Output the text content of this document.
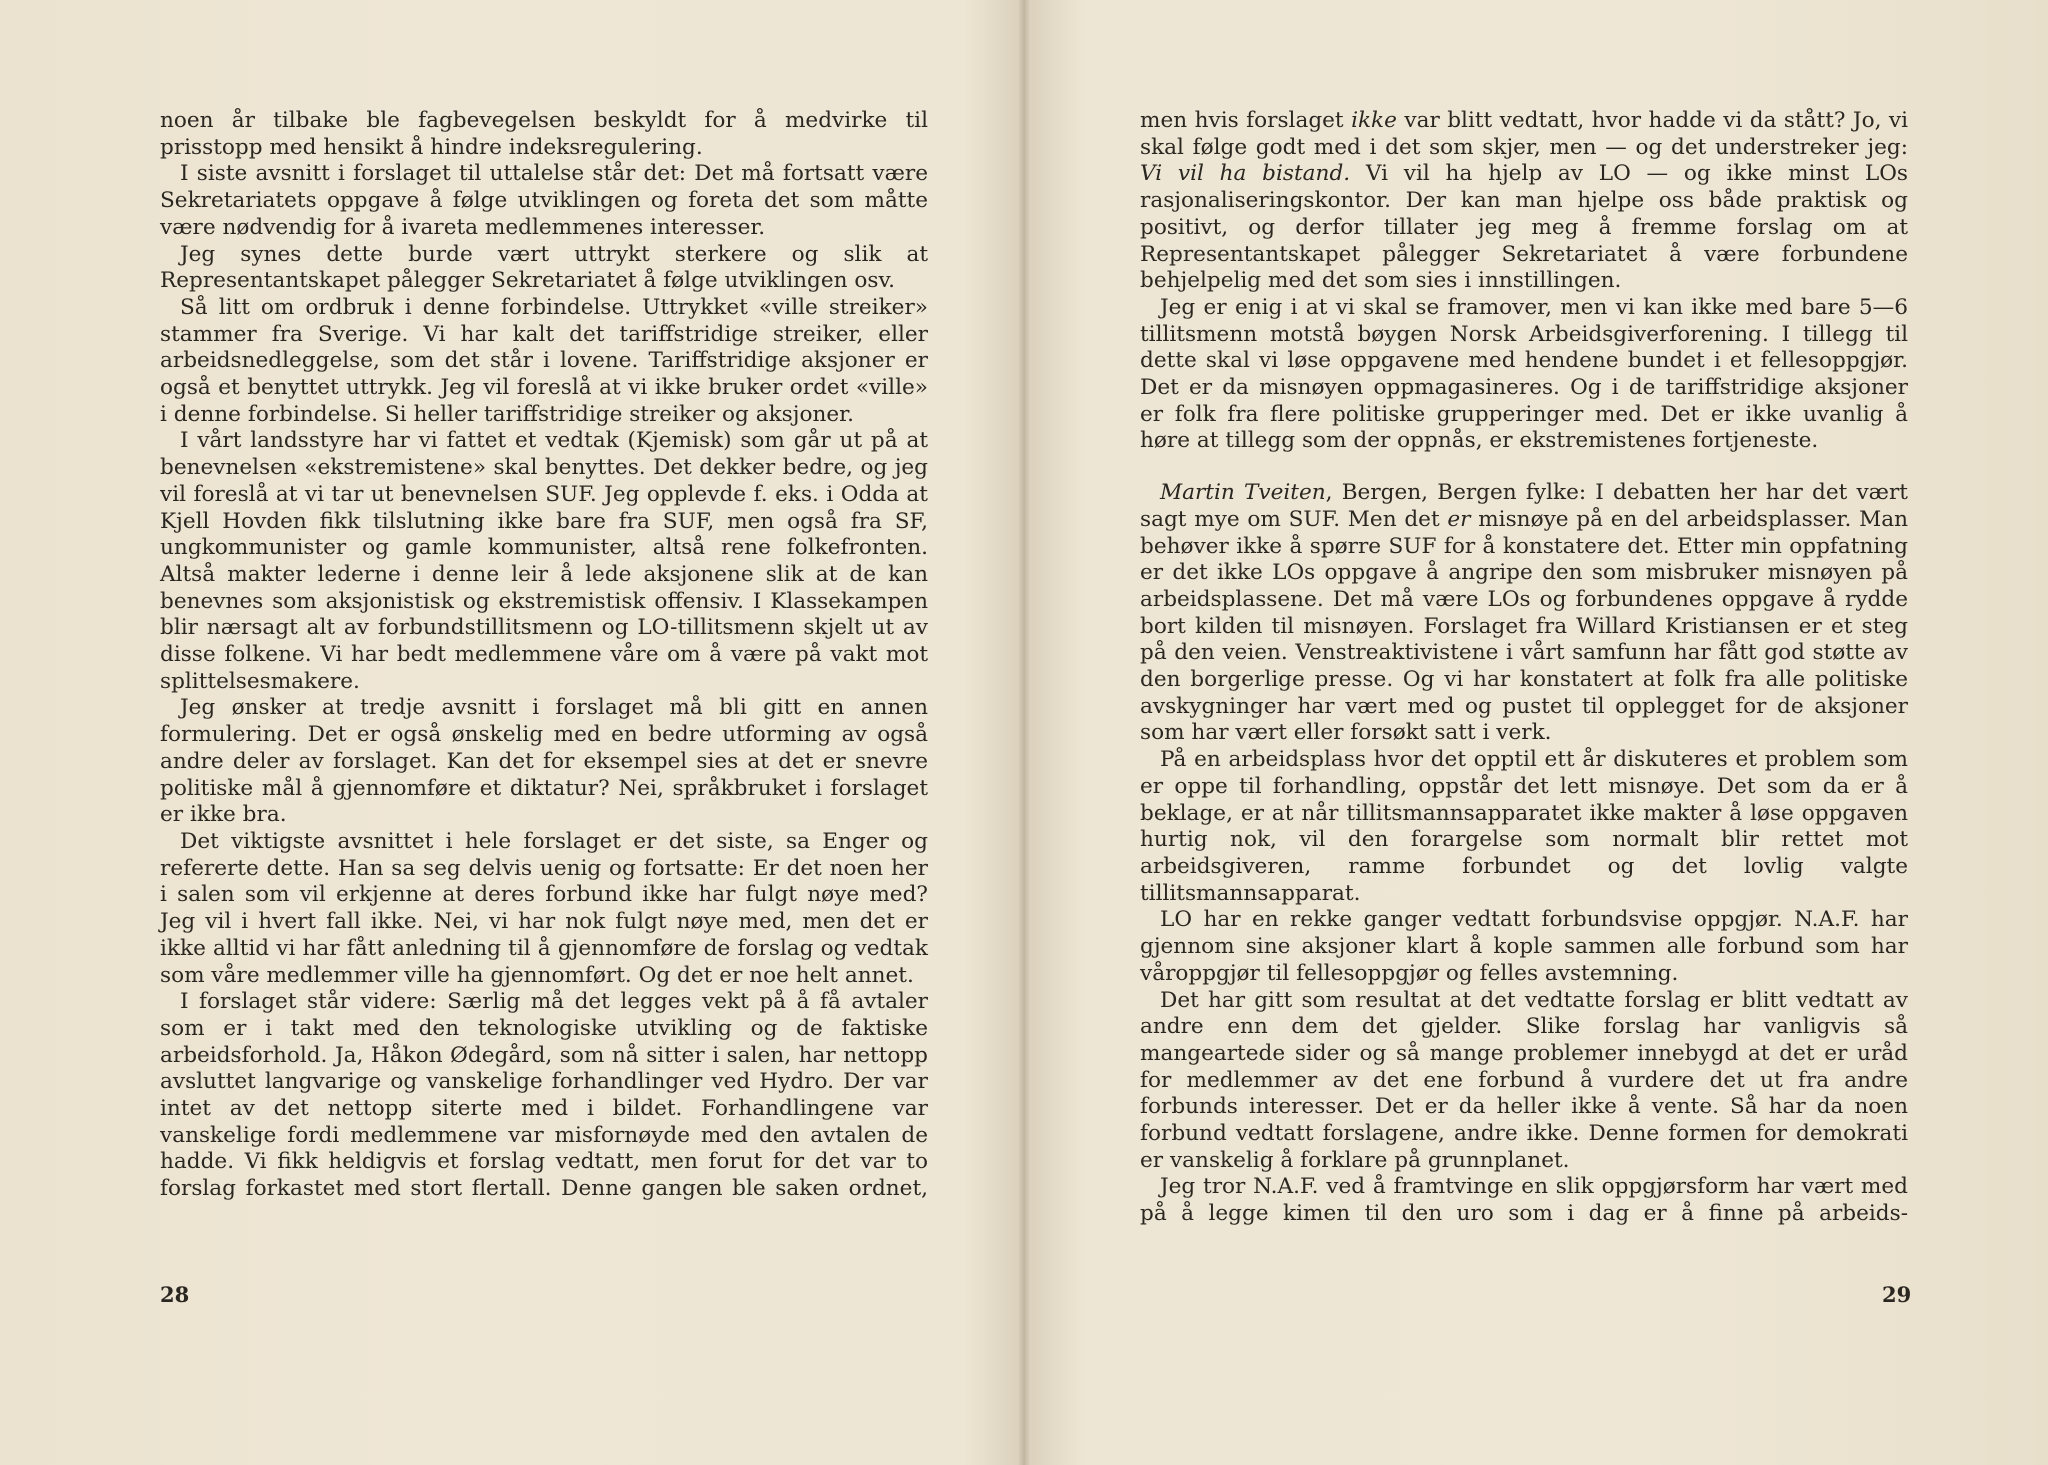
noen år tilbake ble fagbevegelsen beskyldt for å medvirke til prisstopp med hensikt å hindre indeksregulering.

I siste avsnitt i forslaget til uttalelse står det: Det må fortsatt være Sekretariatets oppgave å følge utviklingen og foreta det som måtte være nødvendig for å ivareta medlemmenes interesser.

Jeg synes dette burde vært uttrykt sterkere og slik at Representantskapet pålegger Sekretariatet å følge utviklingen osv.

Så litt om ordbruk i denne forbindelse. Uttrykket «ville streiker» stammer fra Sverige. Vi har kalt det tariffstridige streiker, eller arbeidsnedleggelse, som det står i lovene. Tariffstridige aksjoner er også et benyttet uttrykk. Jeg vil foreslå at vi ikke bruker ordet «ville» i denne forbindelse. Si heller tariffstridige streiker og aksjoner.

I vårt landsstyre har vi fattet et vedtak (Kjemisk) som går ut på at benevnelsen «ekstremistene» skal benyttes. Det dekker bedre, og jeg vil foreslå at vi tar ut benevnelsen SUF. Jeg opplevde f. eks. i Odda at Kjell Hovden fikk tilslutning ikke bare fra SUF, men også fra SF, ungkommunister og gamle kommunister, altså rene folkefronten. Altså makter lederne i denne leir å lede aksjonene slik at de kan benevnes som aksjonistisk og ekstremistisk offensiv. I Klassekampen blir nærsagt alt av forbundstillitsmenn og LO-tillitsmenn skjelt ut av disse folkene. Vi har bedt medlemmene våre om å være på vakt mot splittelsesmakere.

Jeg ønsker at tredje avsnitt i forslaget må bli gitt en annen formulering. Det er også ønskelig med en bedre utforming av også andre deler av forslaget. Kan det for eksempel sies at det er snevre politiske mål å gjennomføre et diktatur? Nei, språkbruket i forslaget er ikke bra.

Det viktigste avsnittet i hele forslaget er det siste, sa Enger og refererte dette. Han sa seg delvis uenig og fortsatte: Er det noen her i salen som vil erkjenne at deres forbund ikke har fulgt nøye med? Jeg vil i hvert fall ikke. Nei, vi har nok fulgt nøye med, men det er ikke alltid vi har fått anledning til å gjennomføre de forslag og vedtak som våre medlemmer ville ha gjennomført. Og det er noe helt annet.

I forslaget står videre: Særlig må det legges vekt på å få avtaler som er i takt med den teknologiske utvikling og de faktiske arbeidsforhold. Ja, Håkon Ødegård, som nå sitter i salen, har nettopp avsluttet langvarige og vanskelige forhandlinger ved Hydro. Der var intet av det nettopp siterte med i bildet. Forhandlingene var vanskelige fordi medlemmene var misfornøyde med den avtalen de hadde. Vi fikk heldigvis et forslag vedtatt, men forut for det var to forslag forkastet med stort flertall. Denne gangen ble saken ordnet,

28

men hvis forslaget ikke var blitt vedtatt, hvor hadde vi da stått? Jo, vi skal følge godt med i det som skjer, men — og det understreker jeg: Vi vil ha bistand. Vi vil ha hjelp av LO — og ikke minst LOs rasjonaliseringskontor. Der kan man hjelpe oss både praktisk og positivt, og derfor tillater jeg meg å fremme forslag om at Representantskapet pålegger Sekretariatet å være forbundene behjelpelig med det som sies i innstillingen.

Jeg er enig i at vi skal se framover, men vi kan ikke med bare 5—6 tillitsmenn motstå bøygen Norsk Arbeidsgiverforening. I tillegg til dette skal vi løse oppgavene med hendene bundet i et fellesoppgjør. Det er da misnøyen oppmagasineres. Og i de tariffstridige aksjoner er folk fra flere politiske grupperinger med. Det er ikke uvanlig å høre at tillegg som der oppnås, er ekstremistenes fortjeneste.

Martin Tveiten, Bergen, Bergen fylke: I debatten her har det vært sagt mye om SUF. Men det er misnøye på en del arbeidsplasser. Man behøver ikke å spørre SUF for å konstatere det. Etter min oppfatning er det ikke LOs oppgave å angripe den som misbruker misnøyen på arbeidsplassene. Det må være LOs og forbundenes oppgave å rydde bort kilden til misnøyen. Forslaget fra Willard Kristiansen er et steg på den veien. Venstreaktivistene i vårt samfunn har fått god støtte av den borgerlige presse. Og vi har konstatert at folk fra alle politiske avskygninger har vært med og pustet til opplegget for de aksjoner som har vært eller forsøkt satt i verk.

På en arbeidsplass hvor det opptil ett år diskuteres et problem som er oppe til forhandling, oppstår det lett misnøye. Det som da er å beklage, er at når tillitsmannsapparatet ikke makter å løse oppgaven hurtig nok, vil den forargelse som normalt blir rettet mot arbeidsgiveren, ramme forbundet og det lovlig valgte tillitsmannsapparat.

LO har en rekke ganger vedtatt forbundsvise oppgjør. N.A.F. har gjennom sine aksjoner klart å kople sammen alle forbund som har våroppgjør til fellesoppgjør og felles avstemning.

Det har gitt som resultat at det vedtatte forslag er blitt vedtatt av andre enn dem det gjelder. Slike forslag har vanligvis så mangeartede sider og så mange problemer innebygd at det er uråd for medlemmer av det ene forbund å vurdere det ut fra andre forbunds interesser. Det er da heller ikke å vente. Så har da noen forbund vedtatt forslagene, andre ikke. Denne formen for demokrati er vanskelig å forklare på grunnplanet.

Jeg tror N.A.F. ved å framtvinge en slik oppgjørsform har vært med på å legge kimen til den uro som i dag er å finne på arbeids-

29
